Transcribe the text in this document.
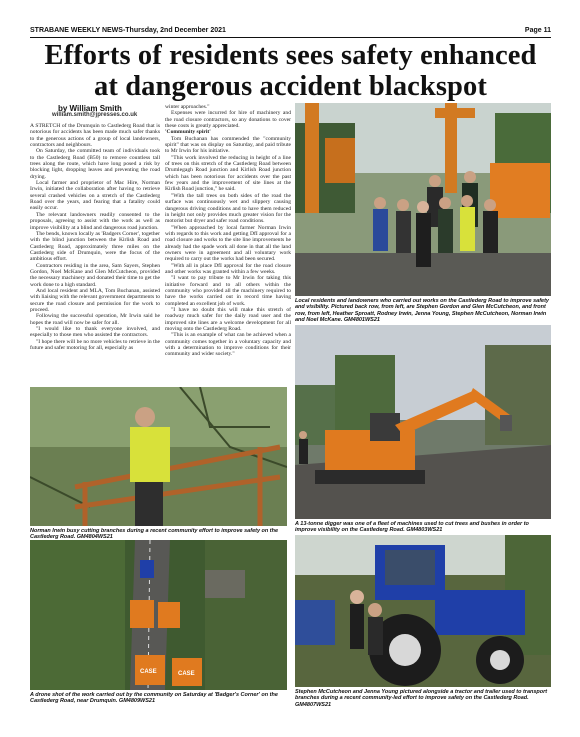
STRABANE WEEKLY NEWS-Thursday, 2nd December 2021	Page 11
Efforts of residents sees safety enhanced
at dangerous accident blackspot
by William Smith
william.smith@jpresses.co.uk

A STRETCH of the Drumquin to Castlederg Road that is notorious for accidents has been made much safer thanks to the generous actions of a group of local landowners, contractors and neighbours.

On Saturday, the committed team of individuals took to the Castlederg Road (B50) to remove countless tall trees along the route, which have long posed a risk by blocking light, dropping leaves and preventing the road drying.

Local farmer and proprietor of Mac Hire, Norman Irwin, initiated the collaboration after having to retrieve several crashed vehicles on a stretch of the Castlederg Road over the years, and fearing that a fatality could easily occur.

The relevant landowners readily consented to the proposals, agreeing to assist with the work as well as improve visibility at a blind and dangerous road junction.

The bends, known locally as 'Badgers Corner', together with the blind junction between the Kirlish Road and Castlederg Road, approximately three miles on the Castlederg side of Drumquin, were the focus of the ambitious effort.

Contractors residing in the area, Sam Sayers, Stephen Gordon, Noel McKane and Glen McCutcheon, provided the necessary machinery and donated their time to get the work done to a high standard.

And local resident and MLA, Tom Buchanan, assisted with liaising with the relevant government departments to secure the road closure and permission for the work to proceed.

Following the successful operation, Mr Irwin said he hopes the road will now be safer for all.

"I would like to thank everyone involved, and especially to those men who assisted the contractors.

"I hope there will be no more vehicles to retrieve in the future and safer motoring for all, especially as

winter approaches."

Expenses were incurred for hire of machinery and the road closure contractors, so any donations to cover these costs is greatly appreciated.

'Community spirit'

Tom Buchanan has commended the "community spirit" that was on display on Saturday, and paid tribute to Mr Irwin for his initiative.

"This work involved the reducing in height of a line of trees on this stretch of the Castlederg Road between Drumlegagh Road junction and Kirlish Road junction which has been notorious for accidents over the past few years and the improvement of site lines at the Kirlish Road junction," he said.

"With the tall trees on both sides of the road the surface was continuously wet and slippery causing dangerous driving conditions and to have them reduced in height not only provides much greater vision for the motorist but dryer and safer road conditions.

"When approached by local farmer Norman Irwin with regards to this work and getting DfI approval for a road closure and works to the site line improvements he already had the spade work all done in that all the land owners were in agreement and all voluntary work required to carry out the works had been secured.

"With all in place DfI approval for the road closure and other works was granted within a few weeks.

"I want to pay tribute to Mr Irwin for taking this initiative forward and to all others within the community who provided all the machinery required to have the works carried out in record time having completed an excellent job of work.

"I have no doubt this will make this stretch of roadway much safer for the daily road user and the improved site lines are a welcome development for all moving onto the Castlederg Road.

"This is an example of what can be achieved when a community comes together in a voluntary capacity and with a determination to improve conditions for their community and wider society."

Local residents and landowners who carried out works on the Castlederg Road to improve safety and visibility. Pictured back row, from left, are Stephen Gordon and Glen McCutcheon, and front row, from left, Heather Sproatt, Rodney Irwin, Jenna Young, Stephen McCutcheon, Norman Irwin and Noel McKane. GM4801WS21
A 13-tonne digger was one of a fleet of machines used to cut trees and bushes in order to improve visibility on the Castlederg Road. GM4803WS21
Norman Irwin busy cutting branches during a recent community effort to improve safety on the Castlederg Road. GM4804WS21
CASE	CASE
A drone shot of the work carried out by the community on Saturday at 'Badger's Corner' on the Castlederg Road, near Drumquin. GM4809WS21
Stephen McCutcheon and Jenna Young pictured alongside a tractor and trailer used to transport branches during a recent community-led effort to improve safety on the Castlederg Road. GM4807WS21
